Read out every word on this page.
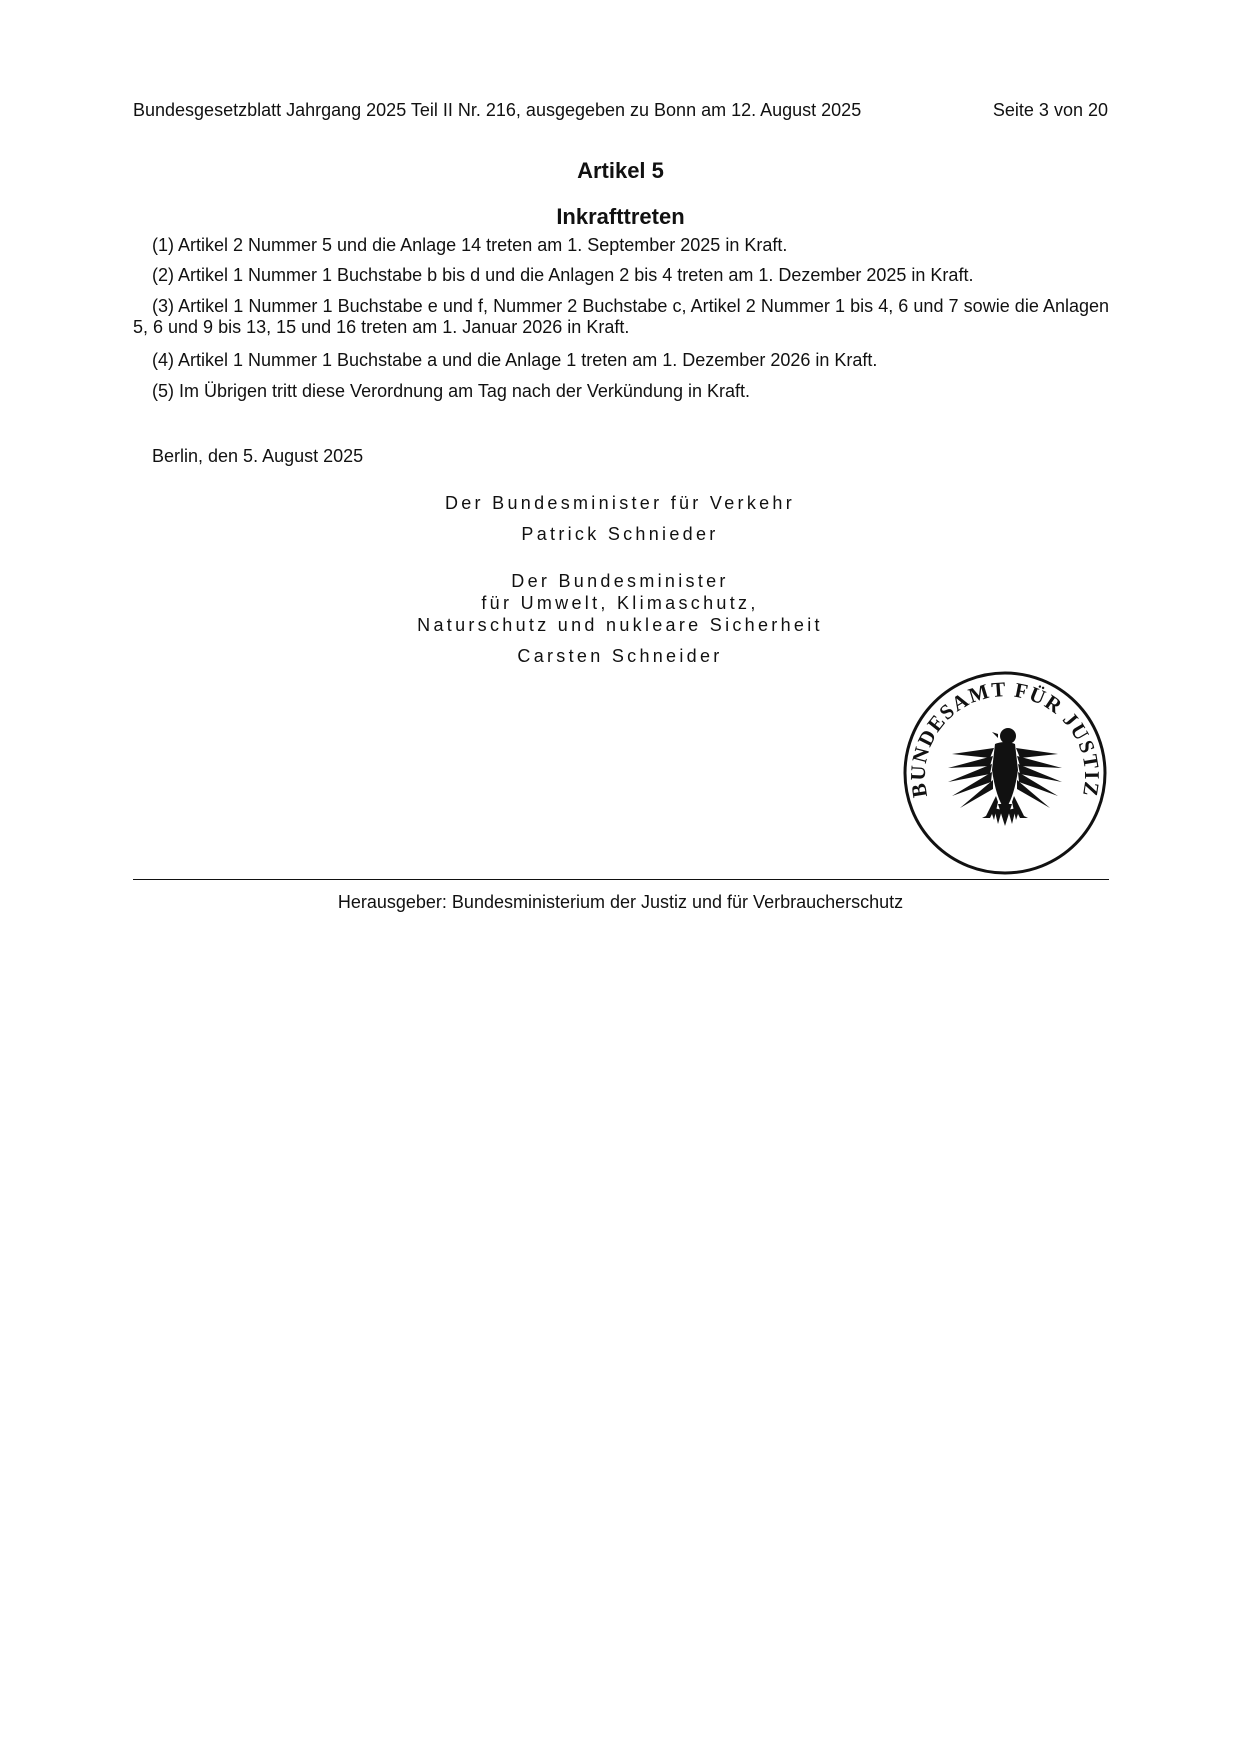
Bundesgesetzblatt Jahrgang 2025 Teil II Nr. 216, ausgegeben zu Bonn am 12. August 2025	Seite 3 von 20
Artikel 5
Inkrafttreten
(1) Artikel 2 Nummer 5 und die Anlage 14 treten am 1. September 2025 in Kraft.
(2) Artikel 1 Nummer 1 Buchstabe b bis d und die Anlagen 2 bis 4 treten am 1. Dezember 2025 in Kraft.
(3) Artikel 1 Nummer 1 Buchstabe e und f, Nummer 2 Buchstabe c, Artikel 2 Nummer 1 bis 4, 6 und 7 sowie die Anlagen 5, 6 und 9 bis 13, 15 und 16 treten am 1. Januar 2026 in Kraft.
(4) Artikel 1 Nummer 1 Buchstabe a und die Anlage 1 treten am 1. Dezember 2026 in Kraft.
(5) Im Übrigen tritt diese Verordnung am Tag nach der Verkündung in Kraft.
Berlin, den 5. August 2025
Der Bundesminister für Verkehr
Patrick Schnieder
Der Bundesminister
für Umwelt, Klimaschutz,
Naturschutz und nukleare Sicherheit
Carsten Schneider
BUNDESAMT FÜR JUSTIZ
Herausgeber: Bundesministerium der Justiz und für Verbraucherschutz
